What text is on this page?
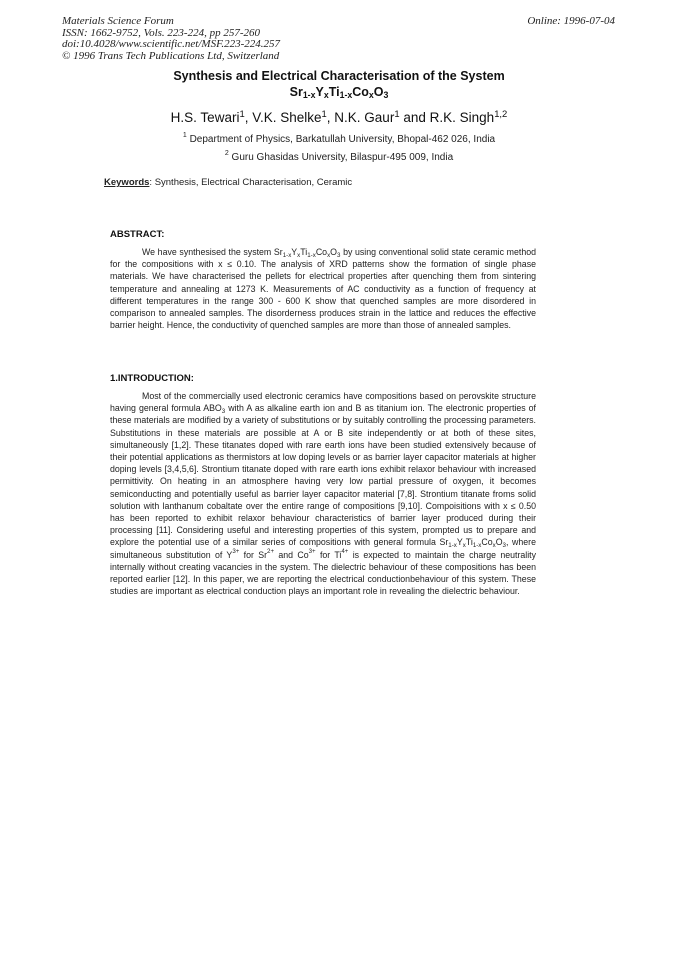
Materials Science Forum
ISSN: 1662-9752, Vols. 223-224, pp 257-260
doi:10.4028/www.scientific.net/MSF.223-224.257
© 1996 Trans Tech Publications Ltd, Switzerland
Online: 1996-07-04
Synthesis and Electrical Characterisation of the System
$Sr_{1-x}Y_xTi_{1-x}Co_xO_3$
H.S. Tewari$^1$, V.K. Shelke$^1$, N.K. Gaur$^1$ and R.K. Singh$^{1,2}$
$^1$ Department of Physics, Barkatullah University, Bhopal-462 026, India
$^2$ Guru Ghasidas University, Bilaspur-495 009, India
Keywords: Synthesis, Electrical Characterisation, Ceramic
ABSTRACT:

We have synthesised the system $Sr_{1-x}Y_xTi_{1-x}Co_xO_3$ by using conventional solid state ceramic method for the compositions with x ≤ 0.10. The analysis of XRD patterns show the formation of single phase materials. We have characterised the pellets for electrical properties after quenching them from sintering temperature and annealing at 1273 K. Measurements of AC conductivity as a function of frequency at different temperatures in the range 300 - 600 K show that quenched samples are more disordered in comparison to annealed samples. The disorderness produces strain in the lattice and reduces the effective barrier height. Hence, the conductivity of quenched samples are more than those of annealed samples.

1.INTRODUCTION:

Most of the commercially used electronic ceramics have compositions based on perovskite structure having general formula $ABO_3$ with A as alkaline earth ion and B as titanium ion. The electronic properties of these materials are modified by a variety of substitutions or by suitably controlling the processing parameters. Substitutions in these materials are possible at A or B site independently or at both of these sites, simultaneously [1,2]. These titanates doped with rare earth ions have been studied extensively because of their potential applications as thermistors at low doping levels or as barrier layer capacitor materials at higher doping levels [3,4,5,6]. Strontium titanate doped with rare earth ions exhibit relaxor behaviour with increased permittivity. On heating in an atmosphere having very low partial pressure of oxygen, it becomes semiconducting and potentially useful as barrier layer capacitor material [7,8]. Strontium titanate froms solid solution with lanthanum cobaltate over the entire range of compositions [9,10]. Compoisitions with x ≤ 0.50 has been reported to exhibit relaxor behaviour characteristics of barrier layer produced during their processing [11]. Considering useful and interesting properties of this system, prompted us to prepare and explore the potential use of a similar series of compositions with general formula $Sr_{1-x}Y_xTi_{1-x}Co_xO_3$, where simultaneous substitution of $Y^{3+}$ for $Sr^{2+}$ and $Co^{3+}$ for $Ti^{4+}$ is expected to maintain the charge neutrality internally without creating vacancies in the system. The dielectric behaviour of these compositions has been reported earlier [12]. In this paper, we are reporting the electrical conductionbehaviour of this system. These studies are important as electrical conduction plays an important role in revealing the dielectric behaviour.
